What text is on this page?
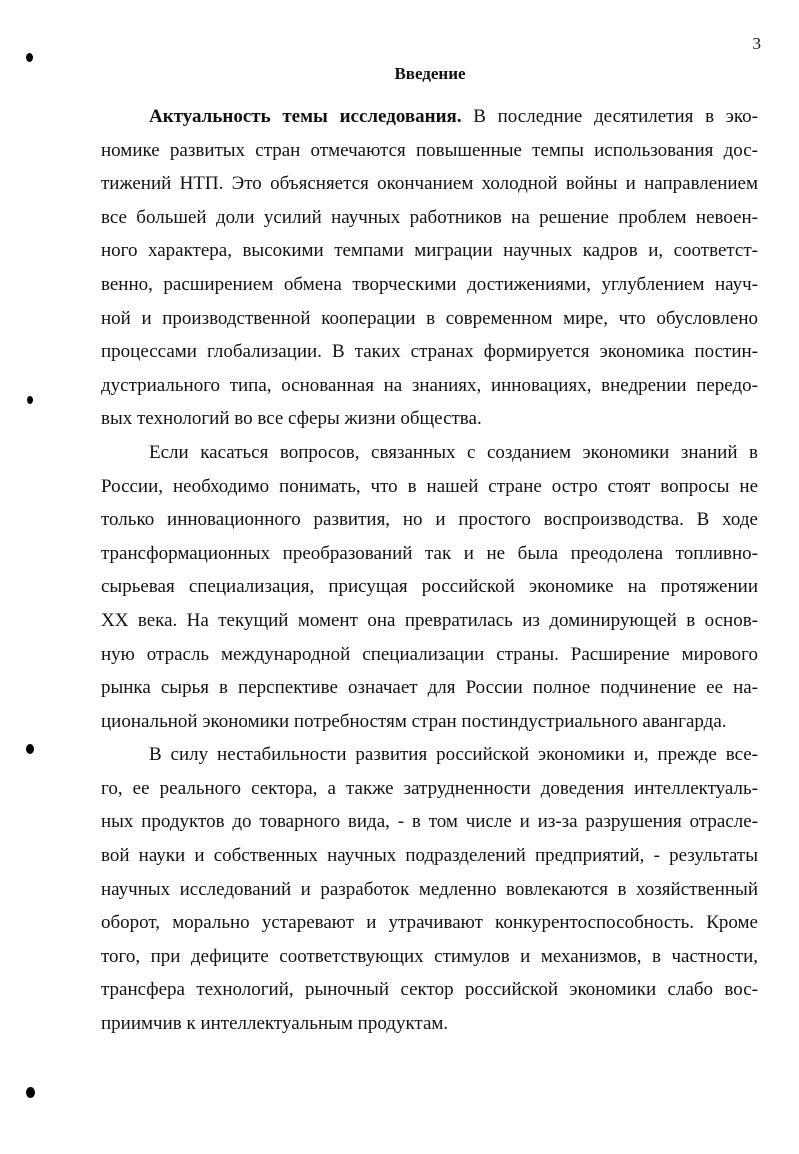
3
Введение
Актуальность темы исследования. В последние десятилетия в эко-
номике развитых стран отмечаются повышенные темпы использования дос-
тижений НТП. Это объясняется окончанием холодной войны и направлением
все большей доли усилий научных работников на решение проблем невоен-
ного характера, высокими темпами миграции научных кадров и, соответст-
венно, расширением обмена творческими достижениями, углублением науч-
ной и производственной кооперации в современном мире, что обусловлено
процессами глобализации. В таких странах формируется экономика постин-
дустриального типа, основанная на знаниях, инновациях, внедрении передо-
вых технологий во все сферы жизни общества.
Если касаться вопросов, связанных с созданием экономики знаний в
России, необходимо понимать, что в нашей стране остро стоят вопросы не
только инновационного развития, но и простого воспроизводства. В ходе
трансформационных преобразований так и не была преодолена топливно-
сырьевая специализация, присущая российской экономике на протяжении
XX века. На текущий момент она превратилась из доминирующей в основ-
ную отрасль международной специализации страны. Расширение мирового
рынка сырья в перспективе означает для России полное подчинение ее на-
циональной экономики потребностям стран постиндустриального авангарда.
В силу нестабильности развития российской экономики и, прежде все-
го, ее реального сектора, а также затрудненности доведения интеллектуаль-
ных продуктов до товарного вида, - в том числе и из-за разрушения отрасле-
вой науки и собственных научных подразделений предприятий, - результаты
научных исследований и разработок медленно вовлекаются в хозяйственный
оборот, морально устаревают и утрачивают конкурентоспособность. Кроме
того, при дефиците соответствующих стимулов и механизмов, в частности,
трансфера технологий, рыночный сектор российской экономики слабо вос-
приимчив к интеллектуальным продуктам.
